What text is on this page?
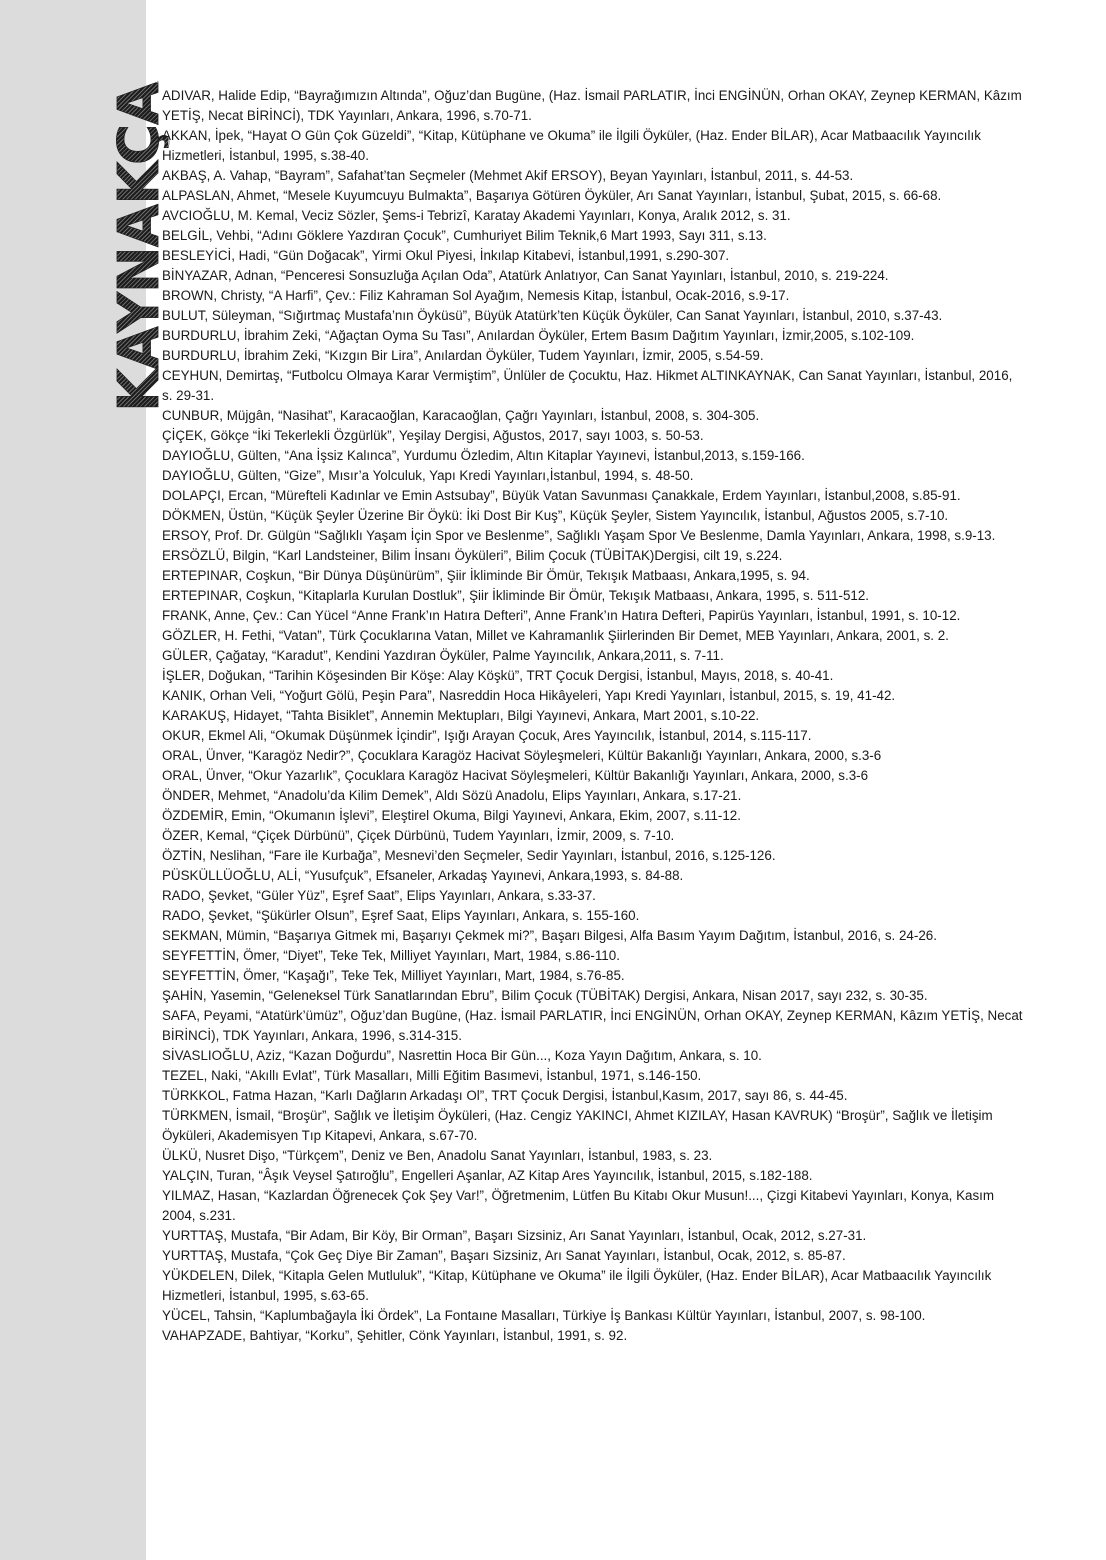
KAYNAKÇA
ADIVAR, Halide Edip, “Bayrağımızın Altında”, Oğuz’dan Bugüne, (Haz. İsmail PARLATIR, İnci ENGİNÜN, Orhan OKAY, Zeynep KERMAN, Kâzım YETİŞ, Necat BİRİNCİ), TDK Yayınları, Ankara, 1996, s.70-71.
AKKAN, İpek, “Hayat O Gün Çok Güzeldi”, “Kitap, Kütüphane ve Okuma” ile İlgili Öyküler, (Haz. Ender BİLAR), Acar Matbaacılık Yayıncılık Hizmetleri, İstanbul, 1995, s.38-40.
AKBAŞ, A. Vahap, “Bayram”, Safahat’tan Seçmeler (Mehmet Akif ERSOY), Beyan Yayınları, İstanbul, 2011, s. 44-53.
ALPASLAN, Ahmet, “Mesele Kuyumcuyu Bulmakta”, Başarıya Götüren Öyküler, Arı Sanat Yayınları, İstanbul, Şubat, 2015, s. 66-68.
AVCIOĞLU, M. Kemal, Veciz Sözler, Şems-i Tebrizî, Karatay Akademi Yayınları, Konya, Aralık 2012, s. 31.
BELGİL, Vehbi, “Adını Göklere Yazdıran Çocuk”, Cumhuriyet Bilim Teknik,6 Mart 1993, Sayı 311, s.13.
BESLEYİCİ, Hadi, “Gün Doğacak”, Yirmi Okul Piyesi, İnkılap Kitabevi, İstanbul,1991, s.290-307.
BİNYAZAR, Adnan, “Penceresi Sonsuzluğa Açılan Oda”, Atatürk Anlatıyor, Can Sanat Yayınları, İstanbul, 2010, s. 219-224.
BROWN, Christy, “A Harfi”, Çev.: Filiz Kahraman Sol Ayağım, Nemesis Kitap, İstanbul, Ocak-2016, s.9-17.
BULUT, Süleyman, “Sığırtmaç Mustafa’nın Öyküsü”, Büyük Atatürk’ten Küçük Öyküler, Can Sanat Yayınları, İstanbul, 2010, s.37-43.
BURDURLU, İbrahim Zeki, “Ağaçtan Oyma Su Tası”, Anılardan Öyküler, Ertem Basım Dağıtım Yayınları, İzmir,2005, s.102-109.
BURDURLU, İbrahim Zeki, “Kızgın Bir Lira”, Anılardan Öyküler, Tudem Yayınları, İzmir, 2005, s.54-59.
CEYHUN, Demirtaş, “Futbolcu Olmaya Karar Vermiştim”, Ünlüler de Çocuktu, Haz. Hikmet ALTINKAYNAK, Can Sanat Yayınları, İstanbul, 2016, s. 29-31.
CUNBUR, Müjgân, “Nasihat”, Karacaoğlan, Karacaoğlan, Çağrı Yayınları, İstanbul, 2008, s. 304-305.
ÇİÇEK, Gökçe “İki Tekerlekli Özgürlük”, Yeşilay Dergisi, Ağustos, 2017, sayı 1003, s. 50-53.
DAYIOĞLU, Gülten, “Ana İşsiz Kalınca”, Yurdumu Özledim, Altın Kitaplar Yayınevi, İstanbul,2013, s.159-166.
DAYIOĞLU, Gülten, “Gize”, Mısır’a Yolculuk, Yapı Kredi Yayınları,İstanbul, 1994, s. 48-50.
DOLAPÇI, Ercan, “Mürefteli Kadınlar ve Emin Astsubay”, Büyük Vatan Savunması Çanakkale, Erdem Yayınları, İstanbul,2008, s.85-91.
DÖKMEN, Üstün, “Küçük Şeyler Üzerine Bir Öykü: İki Dost Bir Kuş”, Küçük Şeyler, Sistem Yayıncılık, İstanbul, Ağustos 2005, s.7-10.
ERSOY, Prof. Dr. Gülgün “Sağlıklı Yaşam İçin Spor ve Beslenme”, Sağlıklı Yaşam Spor Ve Beslenme, Damla Yayınları, Ankara, 1998, s.9-13.
ERSÖZLÜ, Bilgin, “Karl Landsteiner, Bilim İnsanı Öyküleri”, Bilim Çocuk (TÜBİTAK)Dergisi, cilt 19, s.224.
ERTEPINAR, Coşkun, “Bir Dünya Düşünürüm”, Şiir İkliminde Bir Ömür, Tekışık Matbaası, Ankara,1995, s. 94.
ERTEPINAR, Coşkun, “Kitaplarla Kurulan Dostluk”, Şiir İkliminde Bir Ömür, Tekışık Matbaası, Ankara, 1995, s. 511-512.
FRANK, Anne, Çev.: Can Yücel “Anne Frank’ın Hatıra Defteri”, Anne Frank’ın Hatıra Defteri, Papirüs Yayınları, İstanbul, 1991, s. 10-12.
GÖZLER, H. Fethi, “Vatan”, Türk Çocuklarına Vatan, Millet ve Kahramanlık Şiirlerinden Bir Demet, MEB Yayınları, Ankara, 2001, s. 2.
GÜLER, Çağatay, “Karadut”, Kendini Yazdıran Öyküler, Palme Yayıncılık, Ankara,2011, s. 7-11.
İŞLER, Doğukan, “Tarihin Köşesinden Bir Köşe: Alay Köşkü”, TRT Çocuk Dergisi, İstanbul, Mayıs, 2018, s. 40-41.
KANIK, Orhan Veli, “Yoğurt Gölü, Peşin Para”, Nasreddin Hoca Hikâyeleri, Yapı Kredi Yayınları, İstanbul, 2015, s. 19, 41-42.
KARAKUŞ, Hidayet, “Tahta Bisiklet”, Annemin Mektupları, Bilgi Yayınevi, Ankara, Mart 2001, s.10-22.
OKUR, Ekmel Ali, “Okumak Düşünmek İçindir”, Işığı Arayan Çocuk, Ares Yayıncılık, İstanbul, 2014, s.115-117.
ORAL, Ünver, “Karagöz Nedir?”, Çocuklara Karagöz Hacivat Söyleşmeleri, Kültür Bakanlığı Yayınları, Ankara, 2000, s.3-6
ORAL, Ünver, “Okur Yazarlık”, Çocuklara Karagöz Hacivat Söyleşmeleri, Kültür Bakanlığı Yayınları, Ankara, 2000, s.3-6
ÖNDER, Mehmet, “Anadolu’da Kilim Demek”, Aldı Sözü Anadolu, Elips Yayınları, Ankara, s.17-21.
ÖZDEMİR, Emin, “Okumanın İşlevi”, Eleştirel Okuma, Bilgi Yayınevi, Ankara, Ekim, 2007, s.11-12.
ÖZER, Kemal, “Çiçek Dürbünü”, Çiçek Dürbünü, Tudem Yayınları, İzmir, 2009, s. 7-10.
ÖZTİN, Neslihan, “Fare ile Kurbağa”, Mesnevi’den Seçmeler, Sedir Yayınları, İstanbul, 2016, s.125-126.
PÜSKÜLLÜOĞLU, ALİ, “Yusufçuk”, Efsaneler, Arkadaş Yayınevi, Ankara,1993, s. 84-88.
RADO, Şevket, “Güler Yüz”, Eşref Saat”, Elips Yayınları, Ankara, s.33-37.
RADO, Şevket, “Şükürler Olsun”, Eşref Saat, Elips Yayınları, Ankara, s. 155-160.
SEKMAN, Mümin, “Başarıya Gitmek mi, Başarıyı Çekmek mi?”, Başarı Bilgesi, Alfa Basım Yayım Dağıtım, İstanbul, 2016, s. 24-26.
SEYFETTİN, Ömer, “Diyet”, Teke Tek, Milliyet Yayınları, Mart, 1984, s.86-110.
SEYFETTİN, Ömer, “Kaşağı”, Teke Tek, Milliyet Yayınları, Mart, 1984, s.76-85.
ŞAHİN, Yasemin, “Geleneksel Türk Sanatlarından Ebru”, Bilim Çocuk (TÜBİTAK) Dergisi, Ankara, Nisan 2017, sayı 232, s. 30-35.
SAFA, Peyami, “Atatürk’ümüz”, Oğuz’dan Bugüne, (Haz. İsmail PARLATIR, İnci ENGİNÜN, Orhan OKAY, Zeynep KERMAN, Kâzım YETİŞ, Necat BİRİNCİ), TDK Yayınları, Ankara, 1996, s.314-315.
SİVASLIOĞLU, Aziz, “Kazan Doğurdu”, Nasrettin Hoca Bir Gün..., Koza Yayın Dağıtım, Ankara, s. 10.
TEZEL, Naki, “Akıllı Evlat”, Türk Masalları, Milli Eğitim Basımevi, İstanbul, 1971, s.146-150.
TÜRKKOL, Fatma Hazan, “Karlı Dağların Arkadaşı Ol”, TRT Çocuk Dergisi, İstanbul,Kasım, 2017, sayı 86, s. 44-45.
TÜRKMEN, İsmail, “Broşür”, Sağlık ve İletişim Öyküleri, (Haz. Cengiz YAKINCI, Ahmet KIZILAY, Hasan KAVRUK) “Broşür”, Sağlık ve İletişim Öyküleri, Akademisyen Tıp Kitapevi, Ankara, s.67-70.
ÜLKÜ, Nusret Dişo, “Türkçem”, Deniz ve Ben, Anadolu Sanat Yayınları, İstanbul, 1983, s. 23.
YALÇIN, Turan, “Âşık Veysel Şatıroğlu”, Engelleri Aşanlar, AZ Kitap Ares Yayıncılık, İstanbul, 2015, s.182-188.
YILMAZ, Hasan, “Kazlardan Öğrenecek Çok Şey Var!”, Öğretmenim, Lütfen Bu Kitabı Okur Musun!..., Çizgi Kitabevi Yayınları, Konya, Kasım 2004, s.231.
YURTTAŞ, Mustafa, “Bir Adam, Bir Köy, Bir Orman”, Başarı Sizsiniz, Arı Sanat Yayınları, İstanbul, Ocak, 2012, s.27-31.
YURTTAŞ, Mustafa, “Çok Geç Diye Bir Zaman”, Başarı Sizsiniz, Arı Sanat Yayınları, İstanbul, Ocak, 2012, s. 85-87.
YÜKDELEN, Dilek, “Kitapla Gelen Mutluluk”, “Kitap, Kütüphane ve Okuma” ile İlgili Öyküler, (Haz. Ender BİLAR), Acar Matbaacılık Yayıncılık Hizmetleri, İstanbul, 1995, s.63-65.
YÜCEL, Tahsin, “Kaplumbağayla İki Ördek”, La Fontaıne Masalları, Türkiye İş Bankası Kültür Yayınları, İstanbul, 2007, s. 98-100.
VAHAPZADE, Bahtiyar, “Korku”, Şehitler, Cönk Yayınları, İstanbul, 1991, s. 92.
